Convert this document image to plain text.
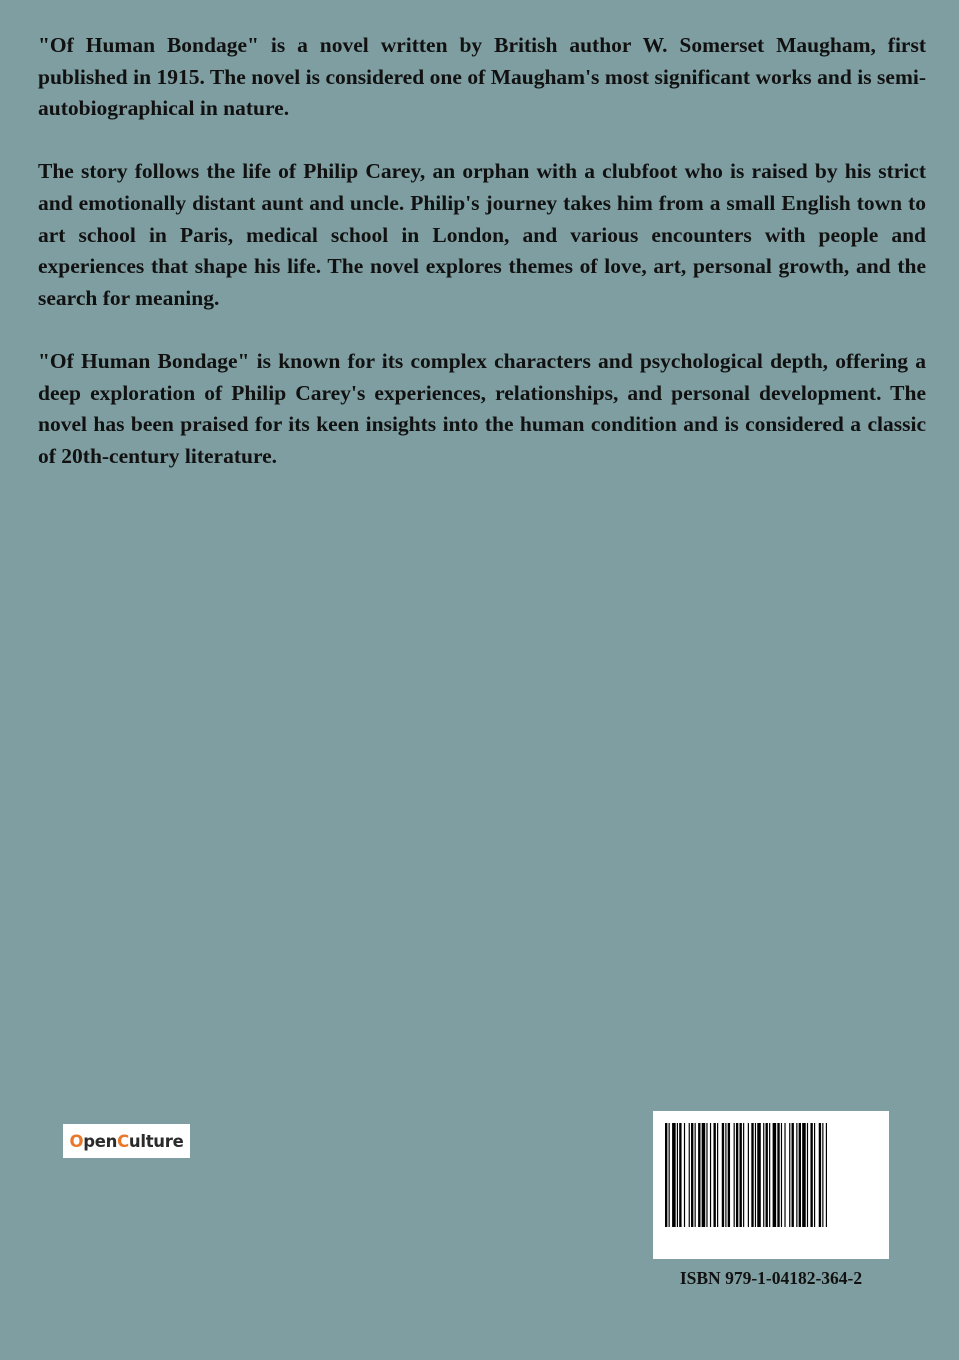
"Of Human Bondage" is a novel written by British author W. Somerset Maugham, first published in 1915. The novel is considered one of Maugham's most significant works and is semi-autobiographical in nature.

The story follows the life of Philip Carey, an orphan with a clubfoot who is raised by his strict and emotionally distant aunt and uncle. Philip's journey takes him from a small English town to art school in Paris, medical school in London, and various encounters with people and experiences that shape his life. The novel explores themes of love, art, personal growth, and the search for meaning.

"Of Human Bondage" is known for its complex characters and psychological depth, offering a deep exploration of Philip Carey's experiences, relationships, and personal development. The novel has been praised for its keen insights into the human condition and is considered a classic of 20th-century literature.

O pen C ulture
ISBN 979-1-04182-364-2
